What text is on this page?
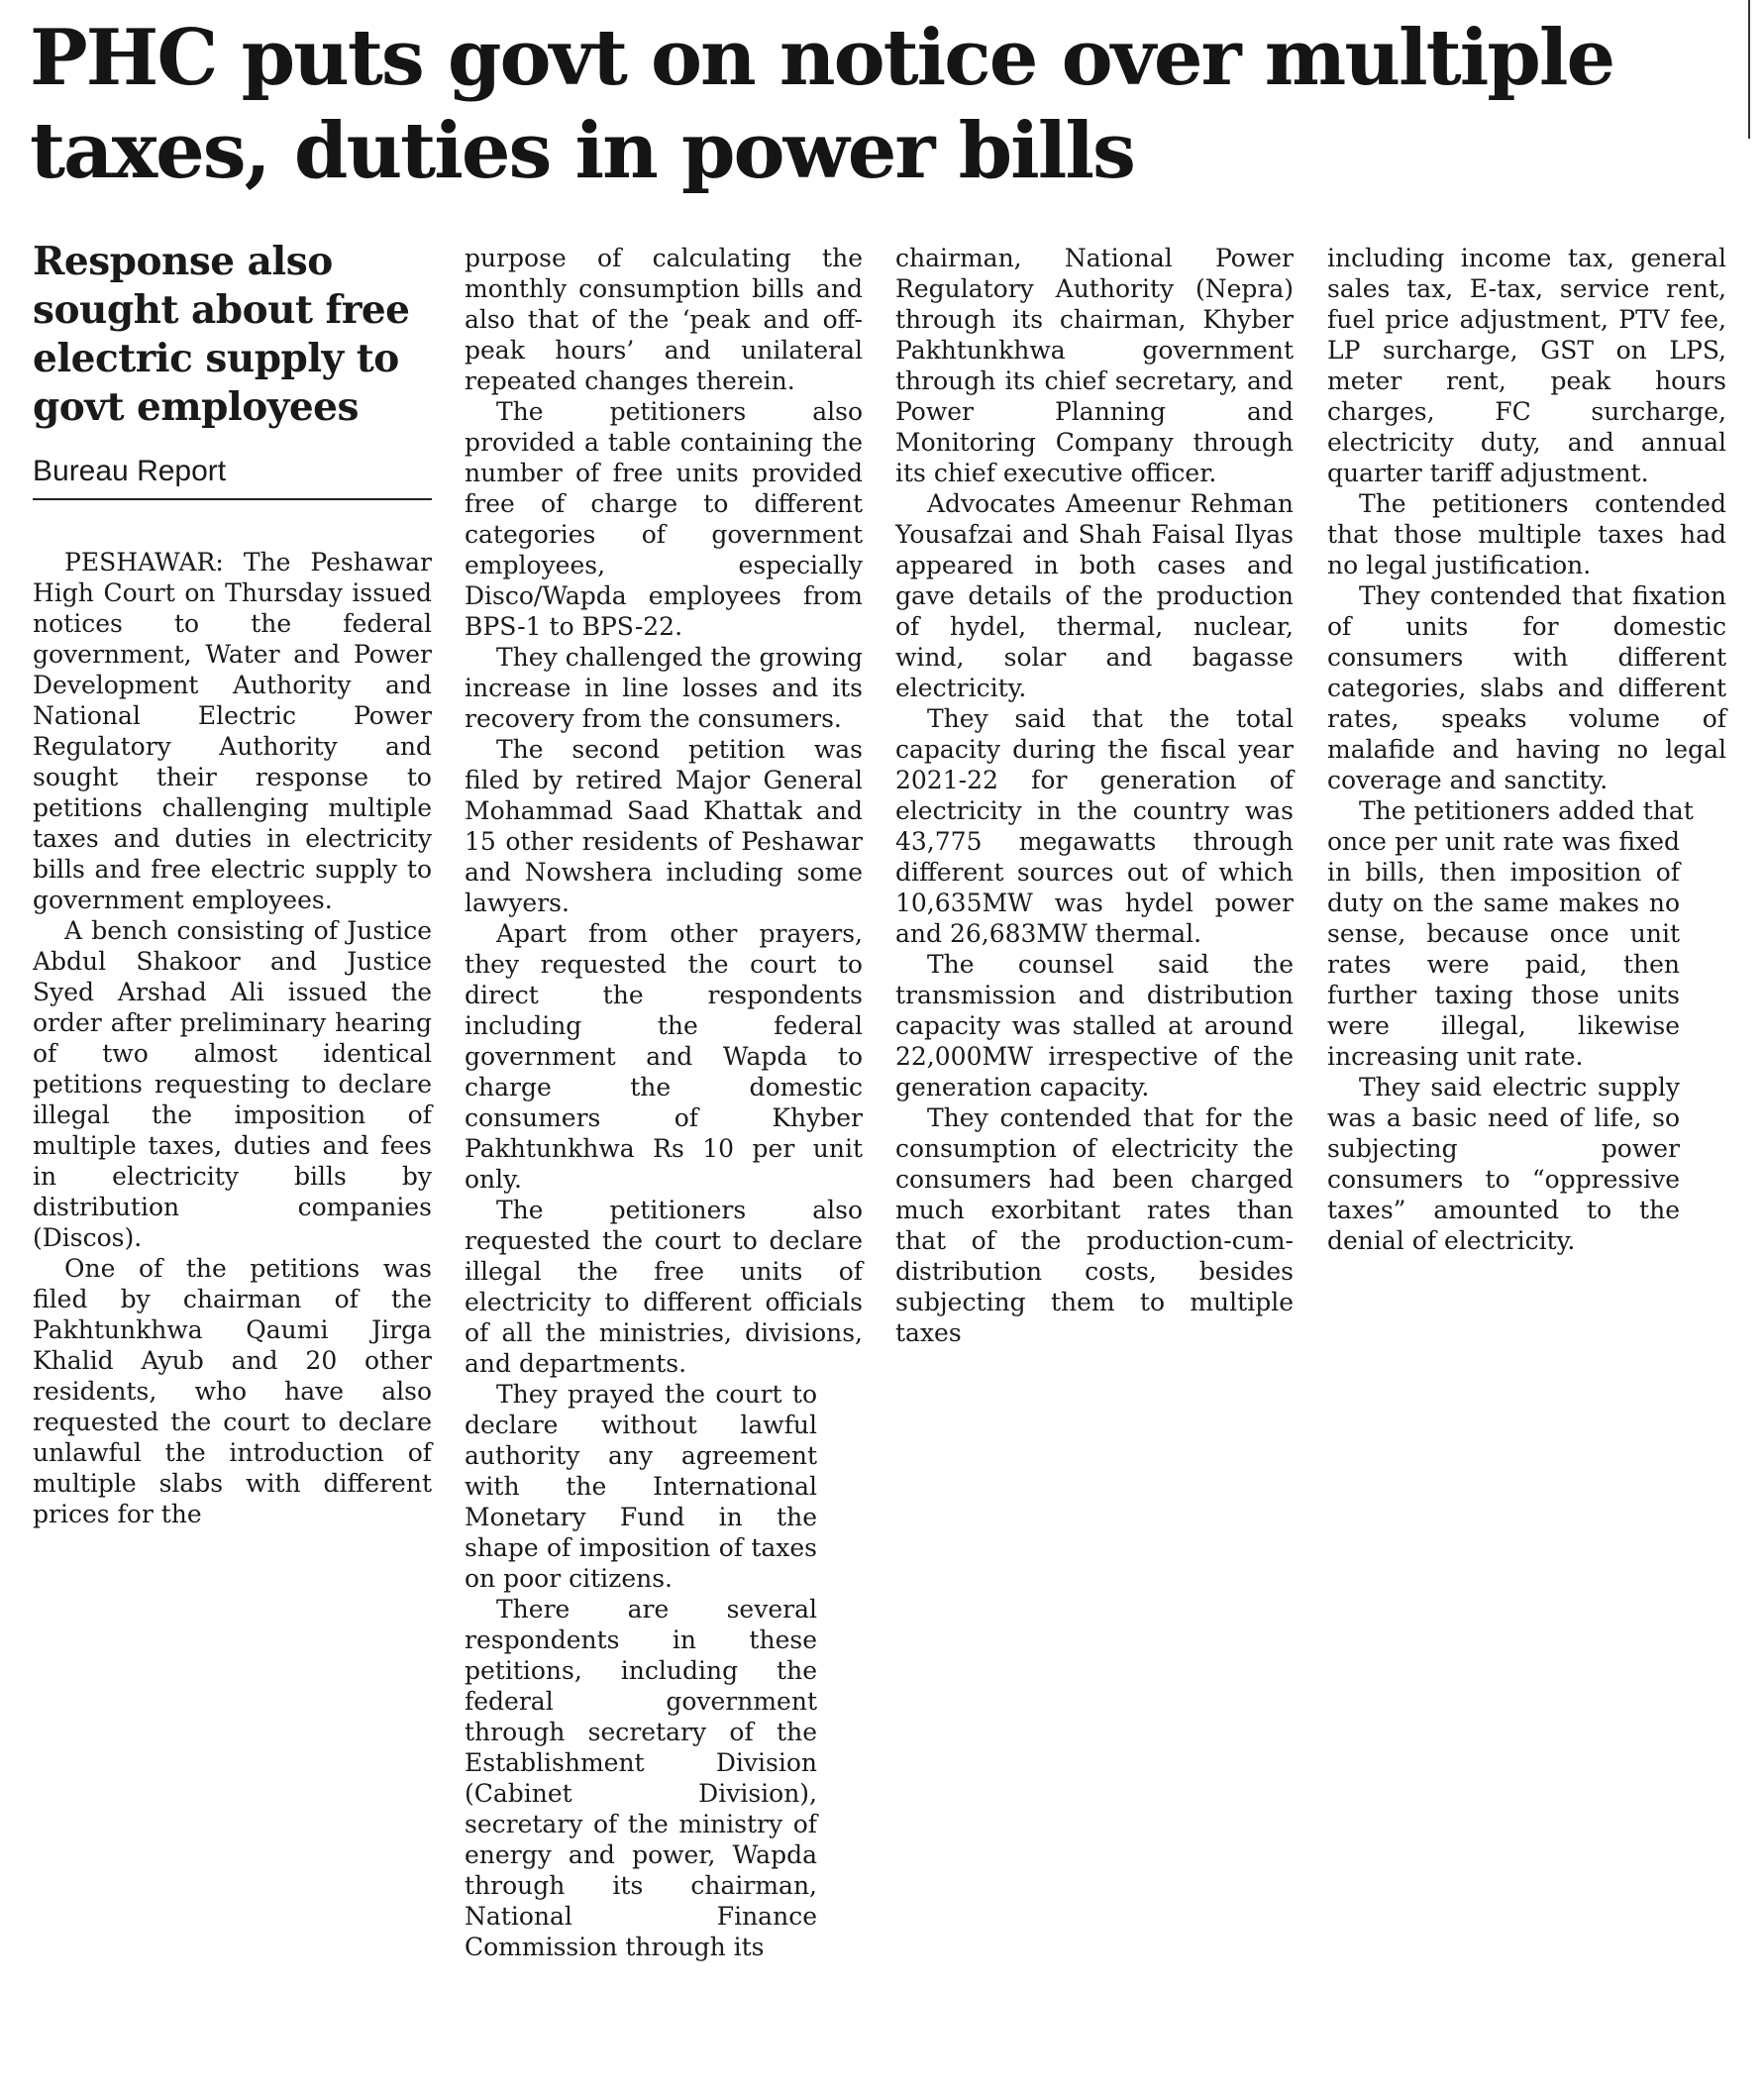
PHC puts govt on notice over multiple taxes, duties in power bills
Response also sought about free electric supply to govt employees
Bureau Report

PESHAWAR: The Peshawar High Court on Thursday issued notices to the federal government, Water and Power Development Authority and National Electric Power Regulatory Authority and sought their response to petitions challenging multiple taxes and duties in electricity bills and free electric supply to government employees.

A bench consisting of Justice Abdul Shakoor and Justice Syed Arshad Ali issued the order after preliminary hearing of two almost identical petitions requesting to declare illegal the imposition of multiple taxes, duties and fees in electricity bills by distribution companies (Discos).

One of the petitions was filed by chairman of the Pakhtunkhwa Qaumi Jirga Khalid Ayub and 20 other residents, who have also requested the court to declare unlawful the introduction of multiple slabs with different prices for the

purpose of calculating the monthly consumption bills and also that of the ‘peak and off-peak hours’ and unilateral repeated changes therein.

The petitioners also provided a table containing the number of free units provided free of charge to different categories of government employees, especially Disco/Wapda employees from BPS-1 to BPS-22.

They challenged the growing increase in line losses and its recovery from the consumers.

The second petition was filed by retired Major General Mohammad Saad Khattak and 15 other residents of Peshawar and Nowshera including some lawyers.

Apart from other prayers, they requested the court to direct the respondents including the federal government and Wapda to charge the domestic consumers of Khyber Pakhtunkhwa Rs 10 per unit only.

The petitioners also requested the court to declare illegal the free units of electricity to different officials of all the ministries, divisions, and departments.

They prayed the court to declare without lawful authority any agreement with the International Monetary Fund in the shape of imposition of taxes on poor citizens.

There are several respondents in these petitions, including the federal government through secretary of the Establishment Division (Cabinet Division), secretary of the ministry of energy and power, Wapda through its chairman, National Finance Commission through its

chairman, National Power Regulatory Authority (Nepra) through its chairman, Khyber Pakhtunkhwa government through its chief secretary, and Power Planning and Monitoring Company through its chief executive officer.

Advocates Ameenur Rehman Yousafzai and Shah Faisal Ilyas appeared in both cases and gave details of the production of hydel, thermal, nuclear, wind, solar and bagasse electricity.

They said that the total capacity during the fiscal year 2021-22 for generation of electricity in the country was 43,775 megawatts through different sources out of which 10,635MW was hydel power and 26,683MW thermal.

The counsel said the transmission and distribution capacity was stalled at around 22,000MW irrespective of the generation capacity.

They contended that for the consumption of electricity the consumers had been charged much exorbitant rates than that of the production-cum-distribution costs, besides subjecting them to multiple taxes

including income tax, general sales tax, E-tax, service rent, fuel price adjustment, PTV fee, LP surcharge, GST on LPS, meter rent, peak hours charges, FC surcharge, electricity duty, and annual quarter tariff adjustment.

The petitioners contended that those multiple taxes had no legal justification.

They contended that fixation of units for domestic consumers with different categories, slabs and different rates, speaks volume of malafide and having no legal coverage and sanctity.

The petitioners added that

once per unit rate was fixed in bills, then imposition of duty on the same makes no sense, because once unit rates were paid, then further taxing those units were illegal, likewise increasing unit rate.

They said electric supply was a basic need of life, so subjecting power consumers to “oppressive taxes” amounted to the denial of electricity.
